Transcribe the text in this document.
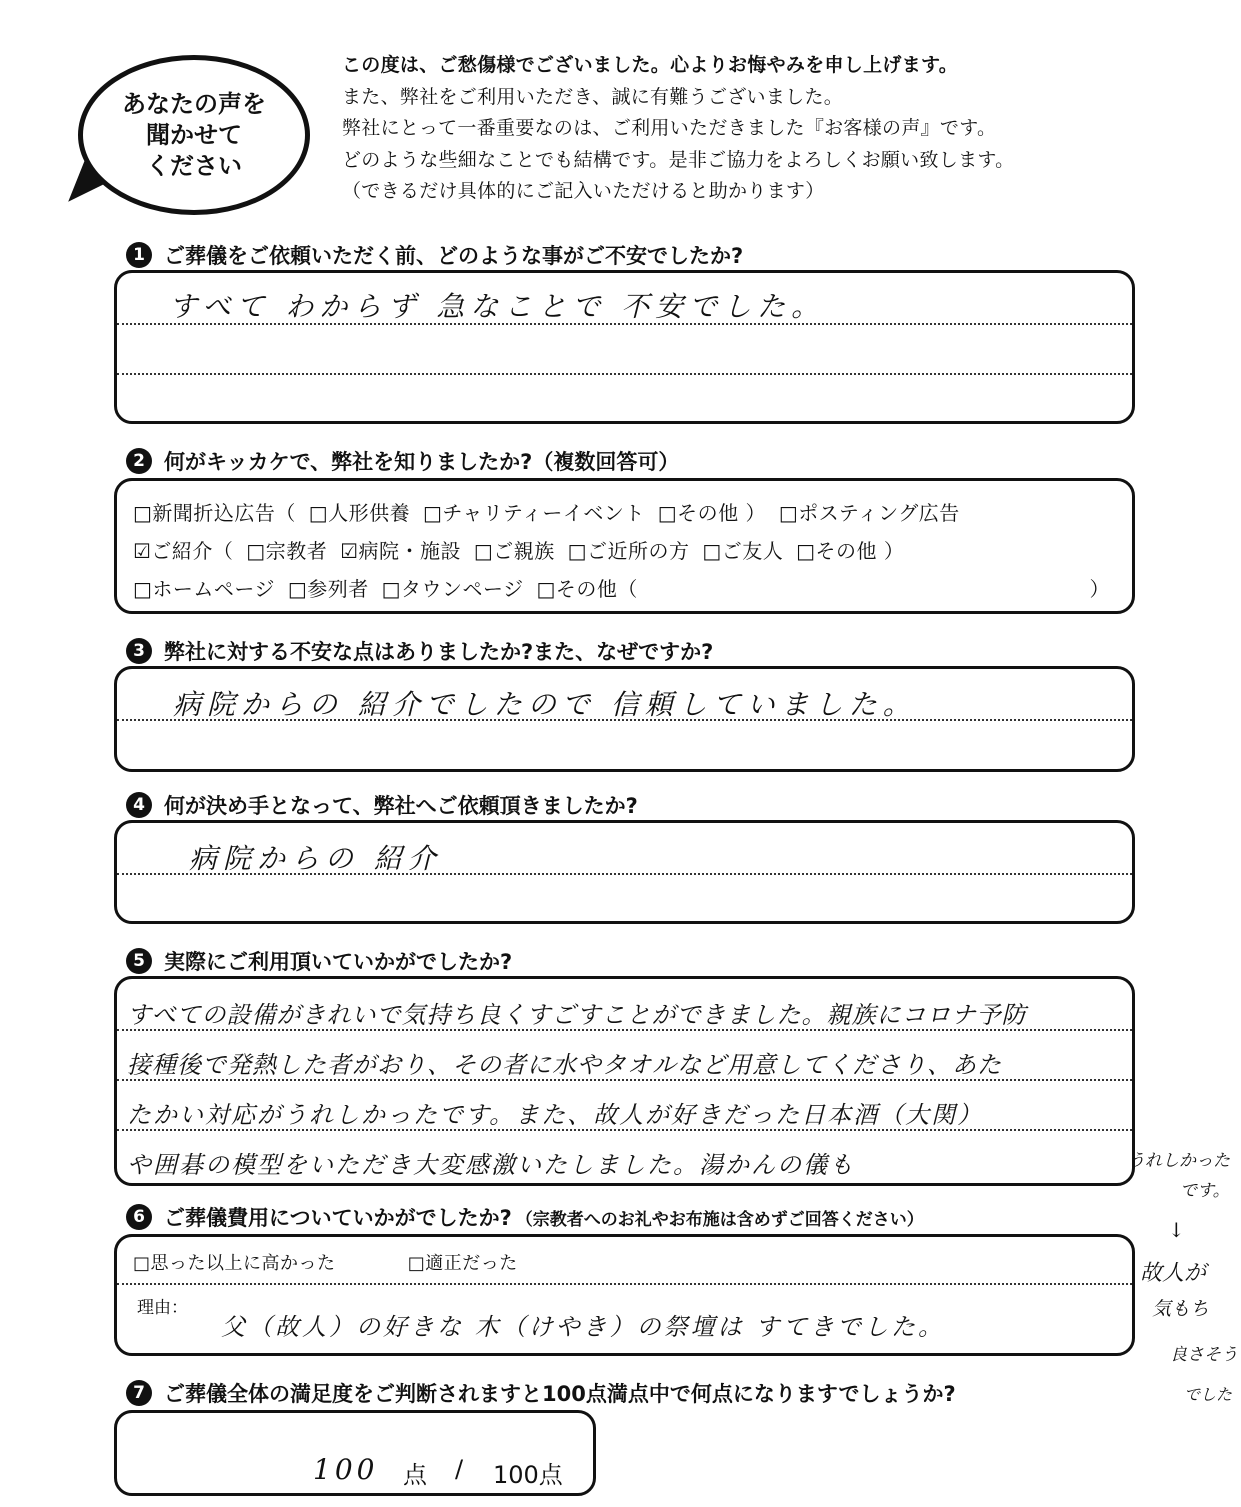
あなたの声を
聞かせて
ください
この度は、ご愁傷様でございました。心よりお悔やみを申し上げます。
また、弊社をご利用いただき、誠に有難うございました。
弊社にとって一番重要なのは、ご利用いただきました『お客様の声』です。
どのような些細なことでも結構です。是非ご協力をよろしくお願い致します。
（できるだけ具体的にご記入いただけると助かります）
1 ご葬儀をご依頼いただく前、どのような事がご不安でしたか?
すべて わからず 急なことで 不安でした。
2 何がキッカケで、弊社を知りましたか?（複数回答可）
□新聞折込広告（ □人形供養 □チャリティーイベント □その他 ） □ポスティング広告
☑ご紹介（ □宗教者 ☑病院・施設 □ご親族 □ご近所の方 □ご友人 □その他 ）
□ホームページ □参列者 □タウンページ □その他（	）
3 弊社に対する不安な点はありましたか?また、なぜですか?
病院からの 紹介でしたので 信頼していました。
4 何が決め手となって、弊社へご依頼頂きましたか?
病院からの 紹介
5 実際にご利用頂いていかがでしたか?
すべての設備がきれいで気持ち良くすごすことができました。親族にコロナ予防
接種後で発熱した者がおり、その者に水やタオルなど用意してくださり、あた
たかい対応がうれしかったです。また、故人が好きだった日本酒（大関）
や囲碁の模型をいただき大変感激いたしました。湯かんの儀も	うれしかった
です。
6 ご葬儀費用についていかがでしたか? （宗教者へのお礼やお布施は含めずご回答ください）
□思った以上に高かった	□適正だった
理由：
父（故人）の好きな 木（けやき）の祭壇は すてきでした。
↓
故人が
気もち
良さそう
でした
7 ご葬儀全体の満足度をご判断されますと100点満点中で何点になりますでしょうか?
100 点 / 100点
